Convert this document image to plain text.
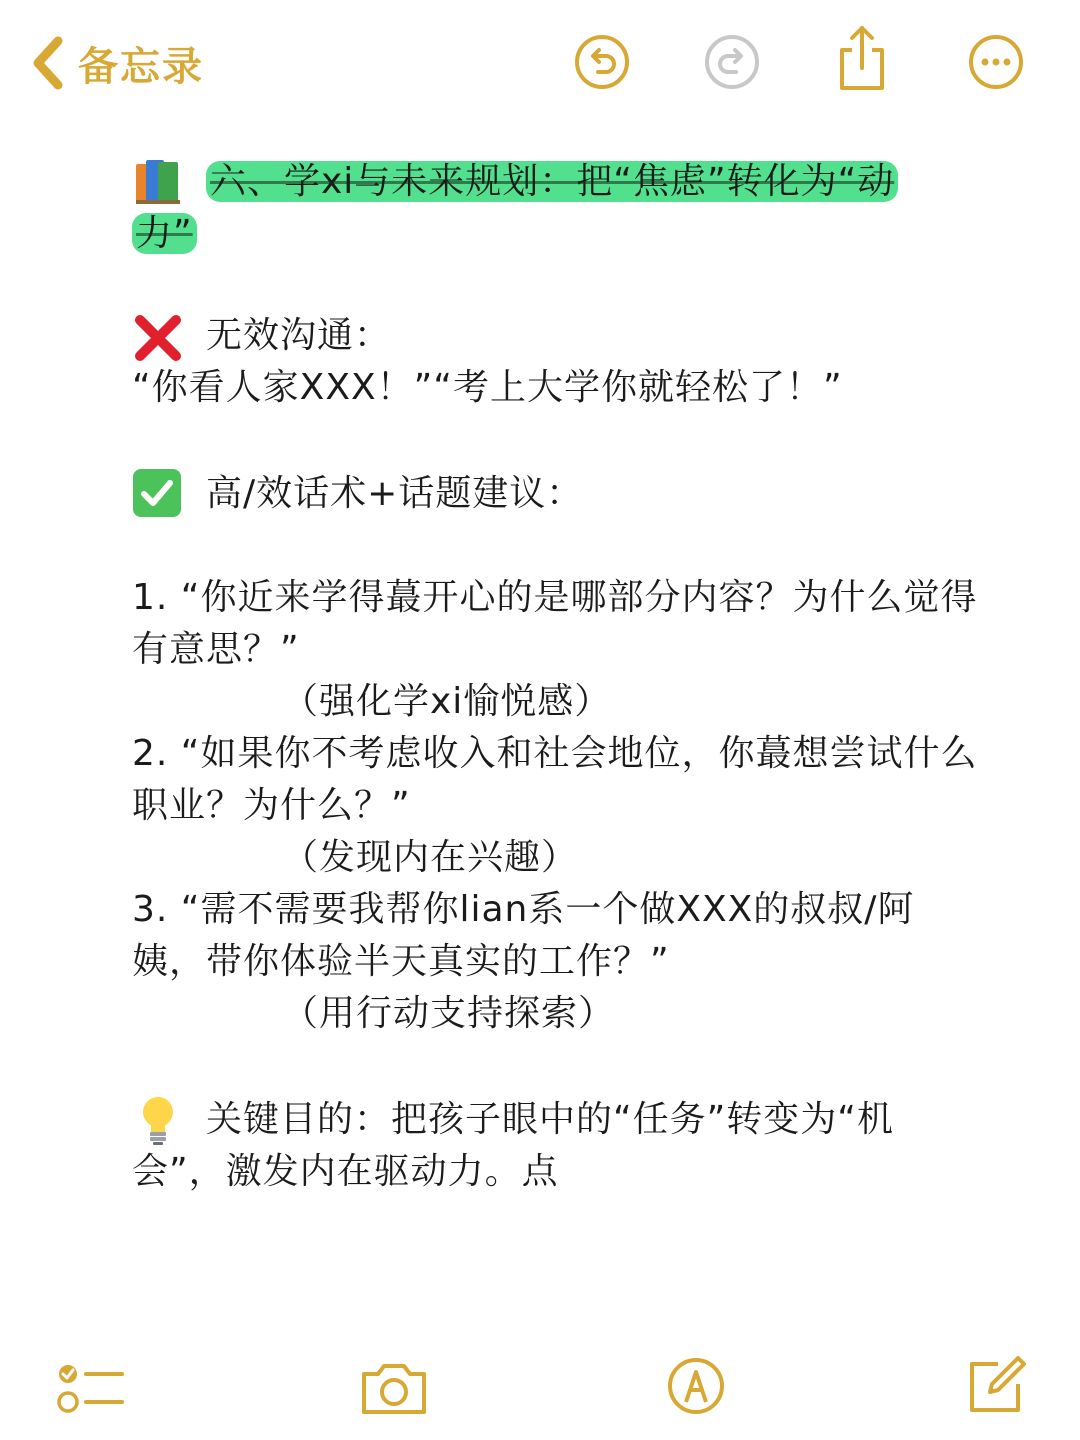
备忘录
六、学xi与未来规划：把“焦虑”转化为“动
力”
无效沟通：
“你看人家XXX！”“考上大学你就轻松了！”
高/效话术+话题建议：
1. “你近来学得蕞开心的是哪部分内容？为什么觉得
有意思？”
（强化学xi愉悦感）
2. “如果你不考虑收入和社会地位，你蕞想尝试什么
职业？为什么？”
（发现内在兴趣）
3. “需不需要我帮你lian系一个做XXX的叔叔/阿
姨，带你体验半天真实的工作？”
（用行动支持探索）
关键目的：把孩子眼中的“任务”转变为“机
会”，激发内在驱动力。点
